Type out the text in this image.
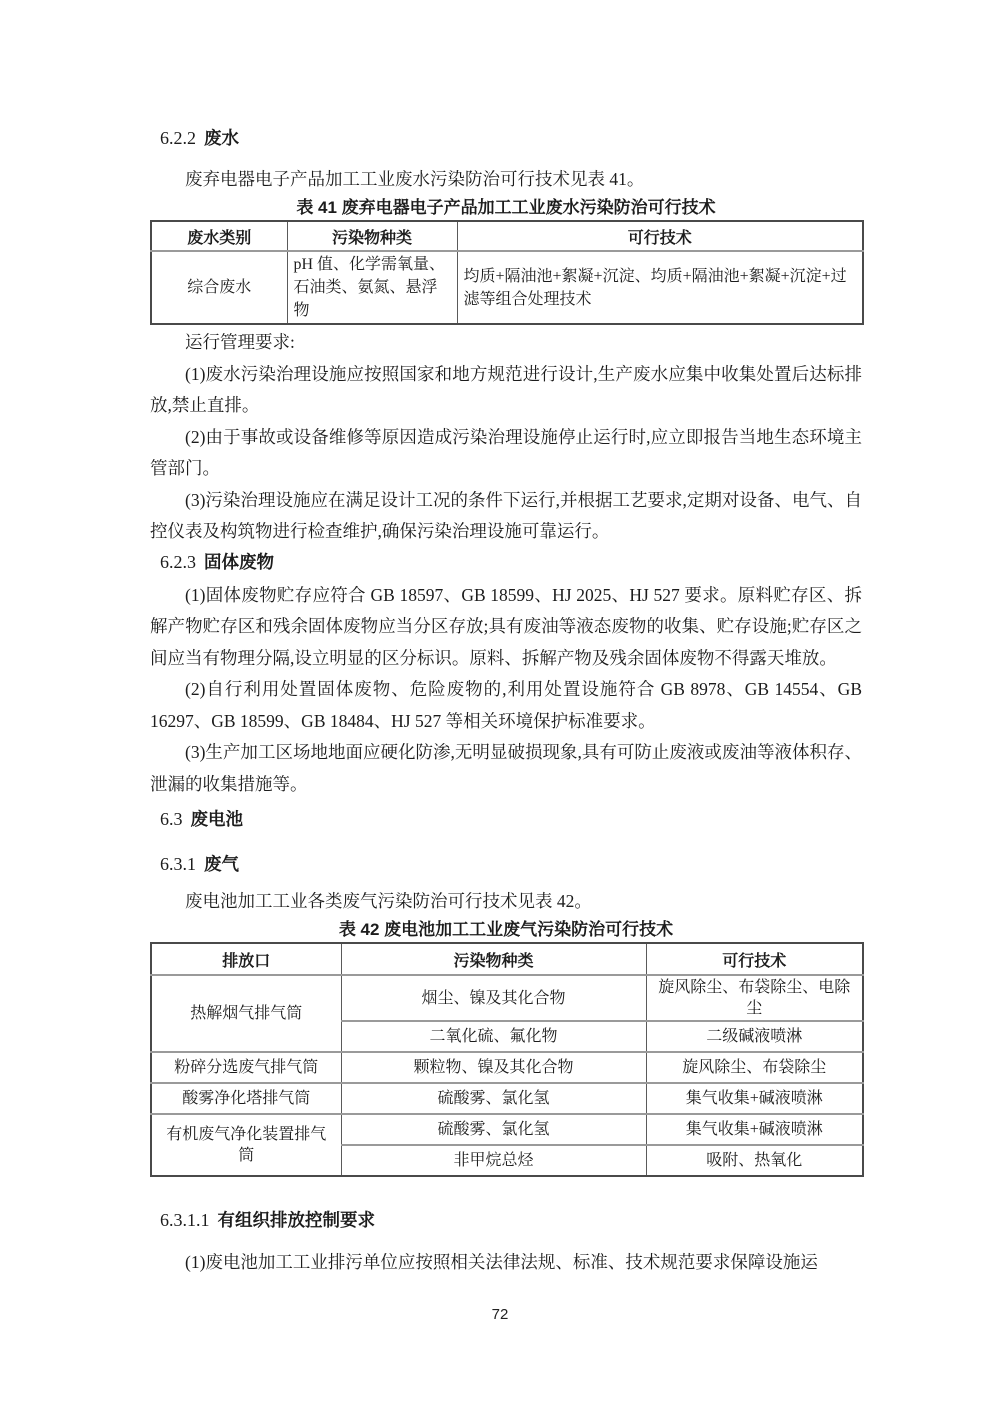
6.2.2 废水

废弃电器电子产品加工工业废水污染防治可行技术见表 41。

表 41 废弃电器电子产品加工工业废水污染防治可行技术
废水类别	污染物种类	可行技术
综合废水	pH 值、化学需氧量、石油类、氨氮、悬浮物	均质+隔油池+絮凝+沉淀、均质+隔油池+絮凝+沉淀+过滤等组合处理技术

运行管理要求:

(1)废水污染治理设施应按照国家和地方规范进行设计,生产废水应集中收集处置后达标排放,禁止直排。

(2)由于事故或设备维修等原因造成污染治理设施停止运行时,应立即报告当地生态环境主管部门。

(3)污染治理设施应在满足设计工况的条件下运行,并根据工艺要求,定期对设备、电气、自控仪表及构筑物进行检查维护,确保污染治理设施可靠运行。

6.2.3 固体废物

(1)固体废物贮存应符合 GB 18597、GB 18599、HJ 2025、HJ 527 要求。原料贮存区、拆解产物贮存区和残余固体废物应当分区存放;具有废油等液态废物的收集、贮存设施;贮存区之间应当有物理分隔,设立明显的区分标识。原料、拆解产物及残余固体废物不得露天堆放。

(2)自行利用处置固体废物、危险废物的,利用处置设施符合 GB 8978、GB 14554、GB 16297、GB 18599、GB 18484、HJ 527 等相关环境保护标准要求。

(3)生产加工区场地地面应硬化防渗,无明显破损现象,具有可防止废液或废油等液体积存、泄漏的收集措施等。

6.3 废电池
6.3.1 废气

废电池加工工业各类废气污染防治可行技术见表 42。

表 42 废电池加工工业废气污染防治可行技术
排放口	污染物种类	可行技术
热解烟气排气筒	烟尘、镍及其化合物	旋风除尘、布袋除尘、电除尘
	二氧化硫、氟化物	二级碱液喷淋
粉碎分选废气排气筒	颗粒物、镍及其化合物	旋风除尘、布袋除尘
酸雾净化塔排气筒	硫酸雾、氯化氢	集气收集+碱液喷淋
有机废气净化装置排气筒	硫酸雾、氯化氢	集气收集+碱液喷淋
	非甲烷总烃	吸附、热氧化
6.3.1.1 有组织排放控制要求

(1)废电池加工工业排污单位应按照相关法律法规、标准、技术规范要求保障设施运

72
